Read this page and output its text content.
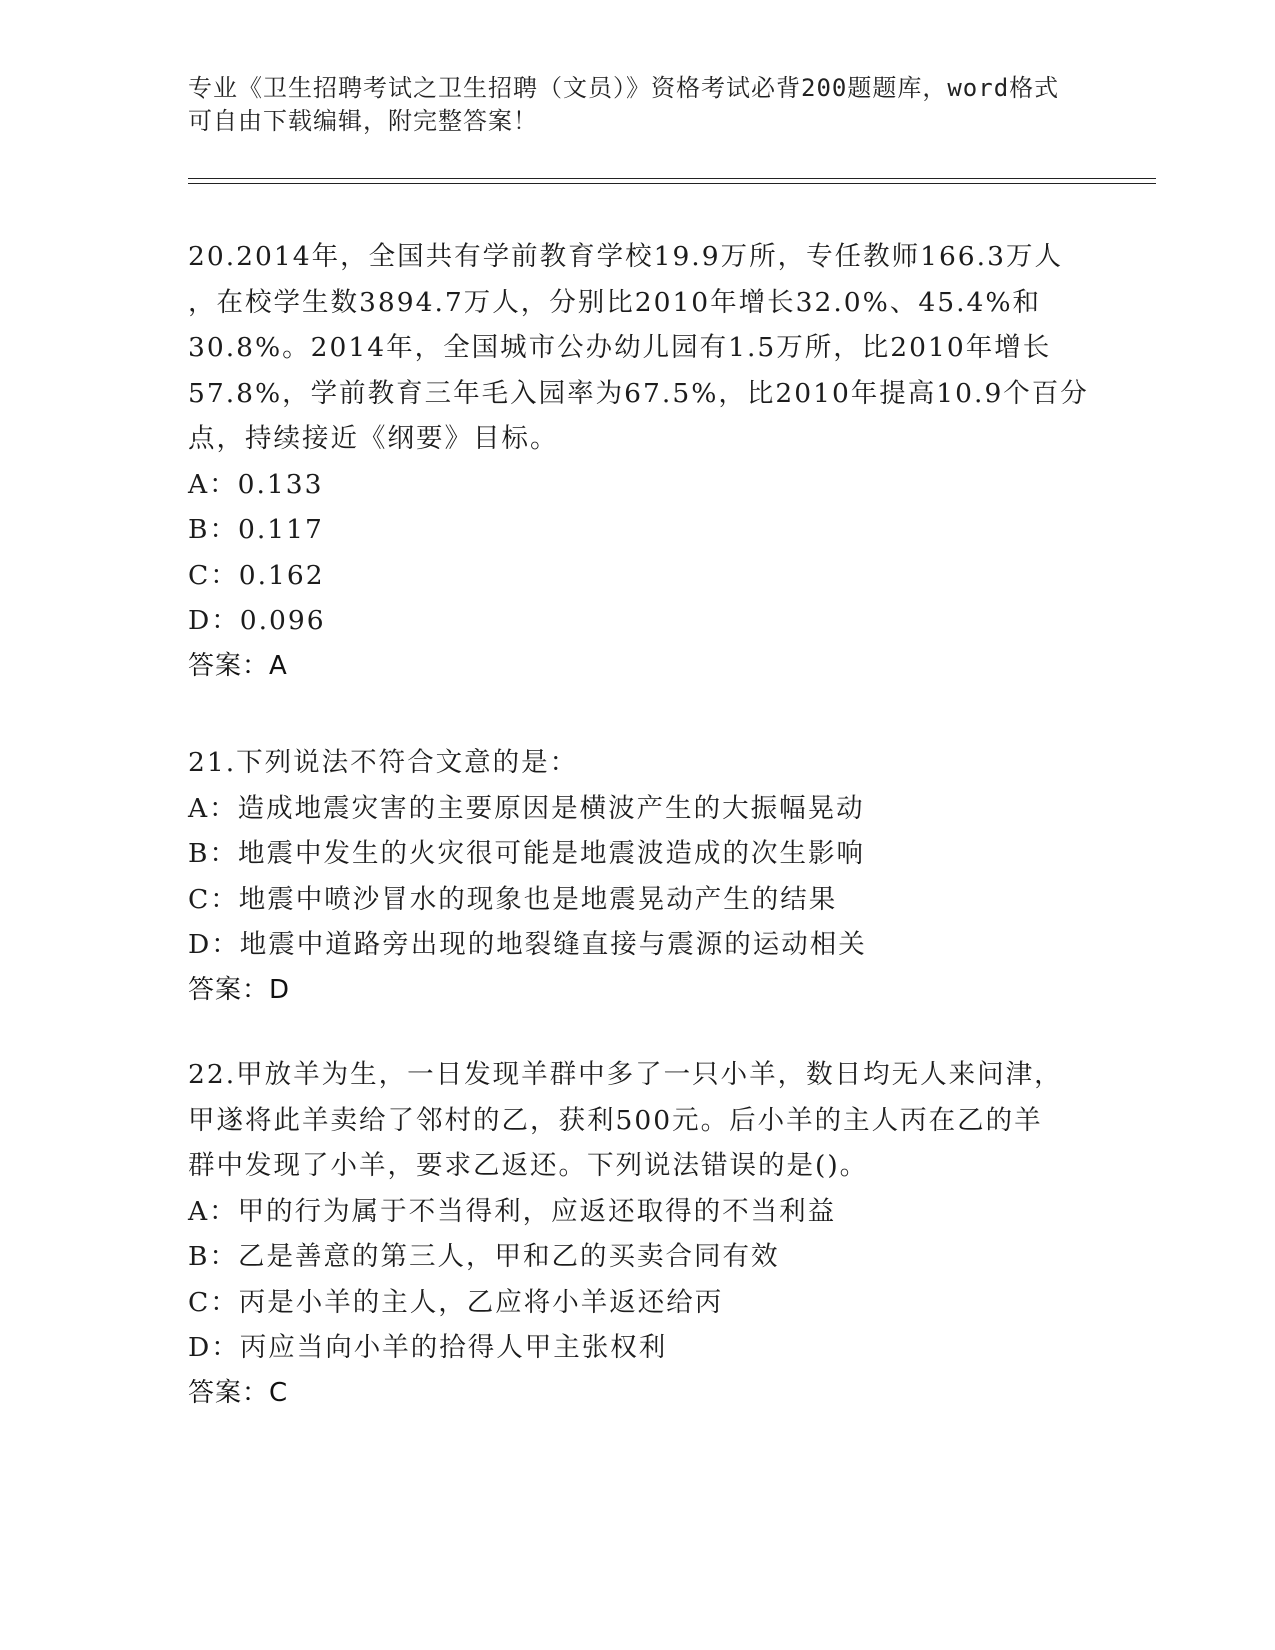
专业《卫生招聘考试之卫生招聘（文员）》资格考试必背200题题库，word格式
可自由下载编辑，附完整答案！
20.2014年，全国共有学前教育学校19.9万所，专任教师166.3万人
，在校学生数3894.7万人，分别比2010年增长32.0%、45.4%和
30.8%。2014年，全国城市公办幼儿园有1.5万所，比2010年增长
57.8%，学前教育三年毛入园率为67.5%，比2010年提高10.9个百分
点，持续接近《纲要》目标。
A：0.133
B：0.117
C：0.162
D：0.096
答案：A
21.下列说法不符合文意的是：
A：造成地震灾害的主要原因是横波产生的大振幅晃动
B：地震中发生的火灾很可能是地震波造成的次生影响
C：地震中喷沙冒水的现象也是地震晃动产生的结果
D：地震中道路旁出现的地裂缝直接与震源的运动相关
答案：D
22.甲放羊为生，一日发现羊群中多了一只小羊，数日均无人来问津，
甲遂将此羊卖给了邻村的乙，获利500元。后小羊的主人丙在乙的羊
群中发现了小羊，要求乙返还。下列说法错误的是()。
A：甲的行为属于不当得利，应返还取得的不当利益
B：乙是善意的第三人，甲和乙的买卖合同有效
C：丙是小羊的主人，乙应将小羊返还给丙
D：丙应当向小羊的拾得人甲主张权利
答案：C
